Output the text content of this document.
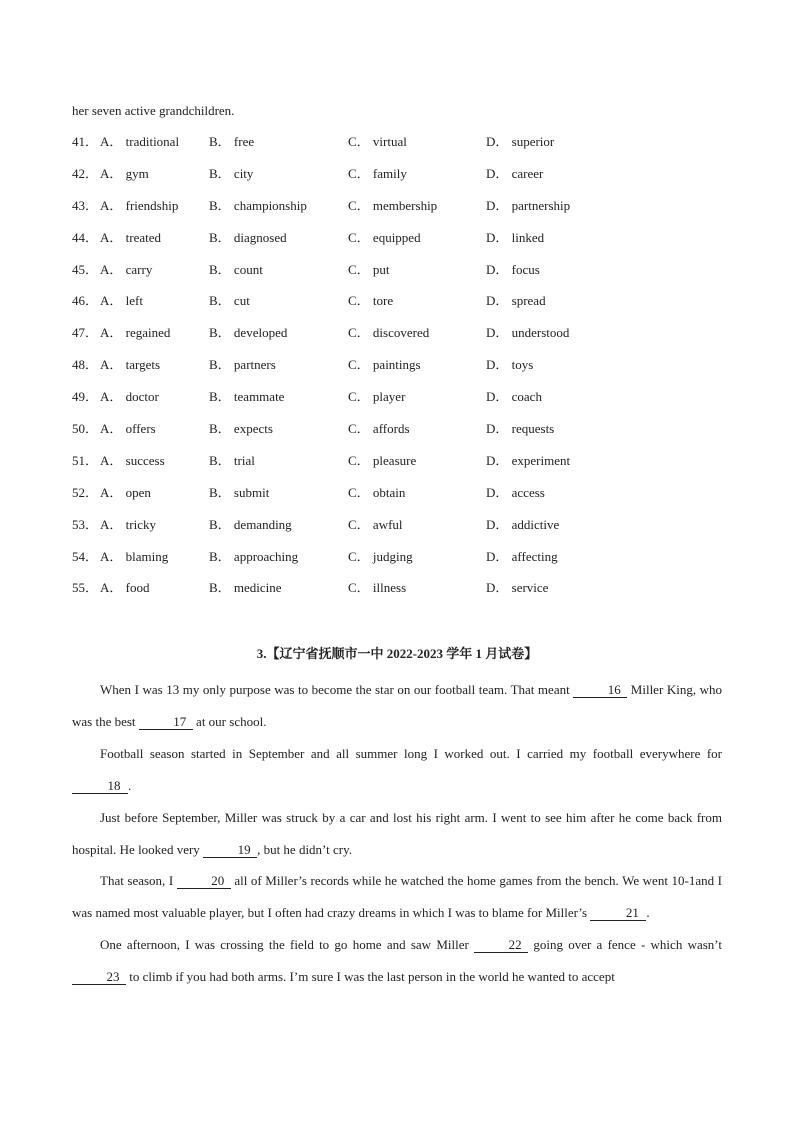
her seven active grandchildren.
41． A． traditional B． free	C． virtual	D． superior
42． A． gym	B． city	C． family	D． career
43． A． friendship B． championship	C． membership	D． partnership
44． A． treated	B． diagnosed	C． equipped	D． linked
45． A． carry	B． count	C． put	D． focus
46． A． left	B． cut	C． tore	D． spread
47． A． regained	B． developed	C． discovered	D． understood
48． A． targets	B． partners	C． paintings	D． toys
49． A． doctor	B． teammate	C． player	D． coach
50． A． offers	B． expects	C． affords	D． requests
51． A． success	B． trial	C． pleasure	D． experiment
52． A． open	B． submit	C． obtain	D． access
53． A． tricky	B． demanding	C． awful	D． addictive
54． A． blaming	B． approaching	C． judging	D． affecting
55． A． food	B． medicine	C． illness	D． service
3.【辽宁省抚顺市一中 2022-2023 学年 1 月试卷】

When I was 13 my only purpose was to become the star on our football team. That meant	16 Miller King, who was the best	17 at our school.

Football season started in September and all summer long I worked out. I carried my football everywhere for 18 .

Just before September, Miller was struck by a car and lost his right arm. I went to see him after he come back from hospital. He looked very	19 , but he didn’t cry.

That season, I	20 all of Miller’s records while he watched the home games from the bench. We went 10-1and I was named most valuable player, but I often had crazy dreams in which I was to blame for Miller’s	21 .

One afternoon, I was crossing the field to go home and saw Miller	22 going over a fence - which wasn’t 23 to climb if you had both arms. I’m sure I was the last person in the world he wanted to accept
